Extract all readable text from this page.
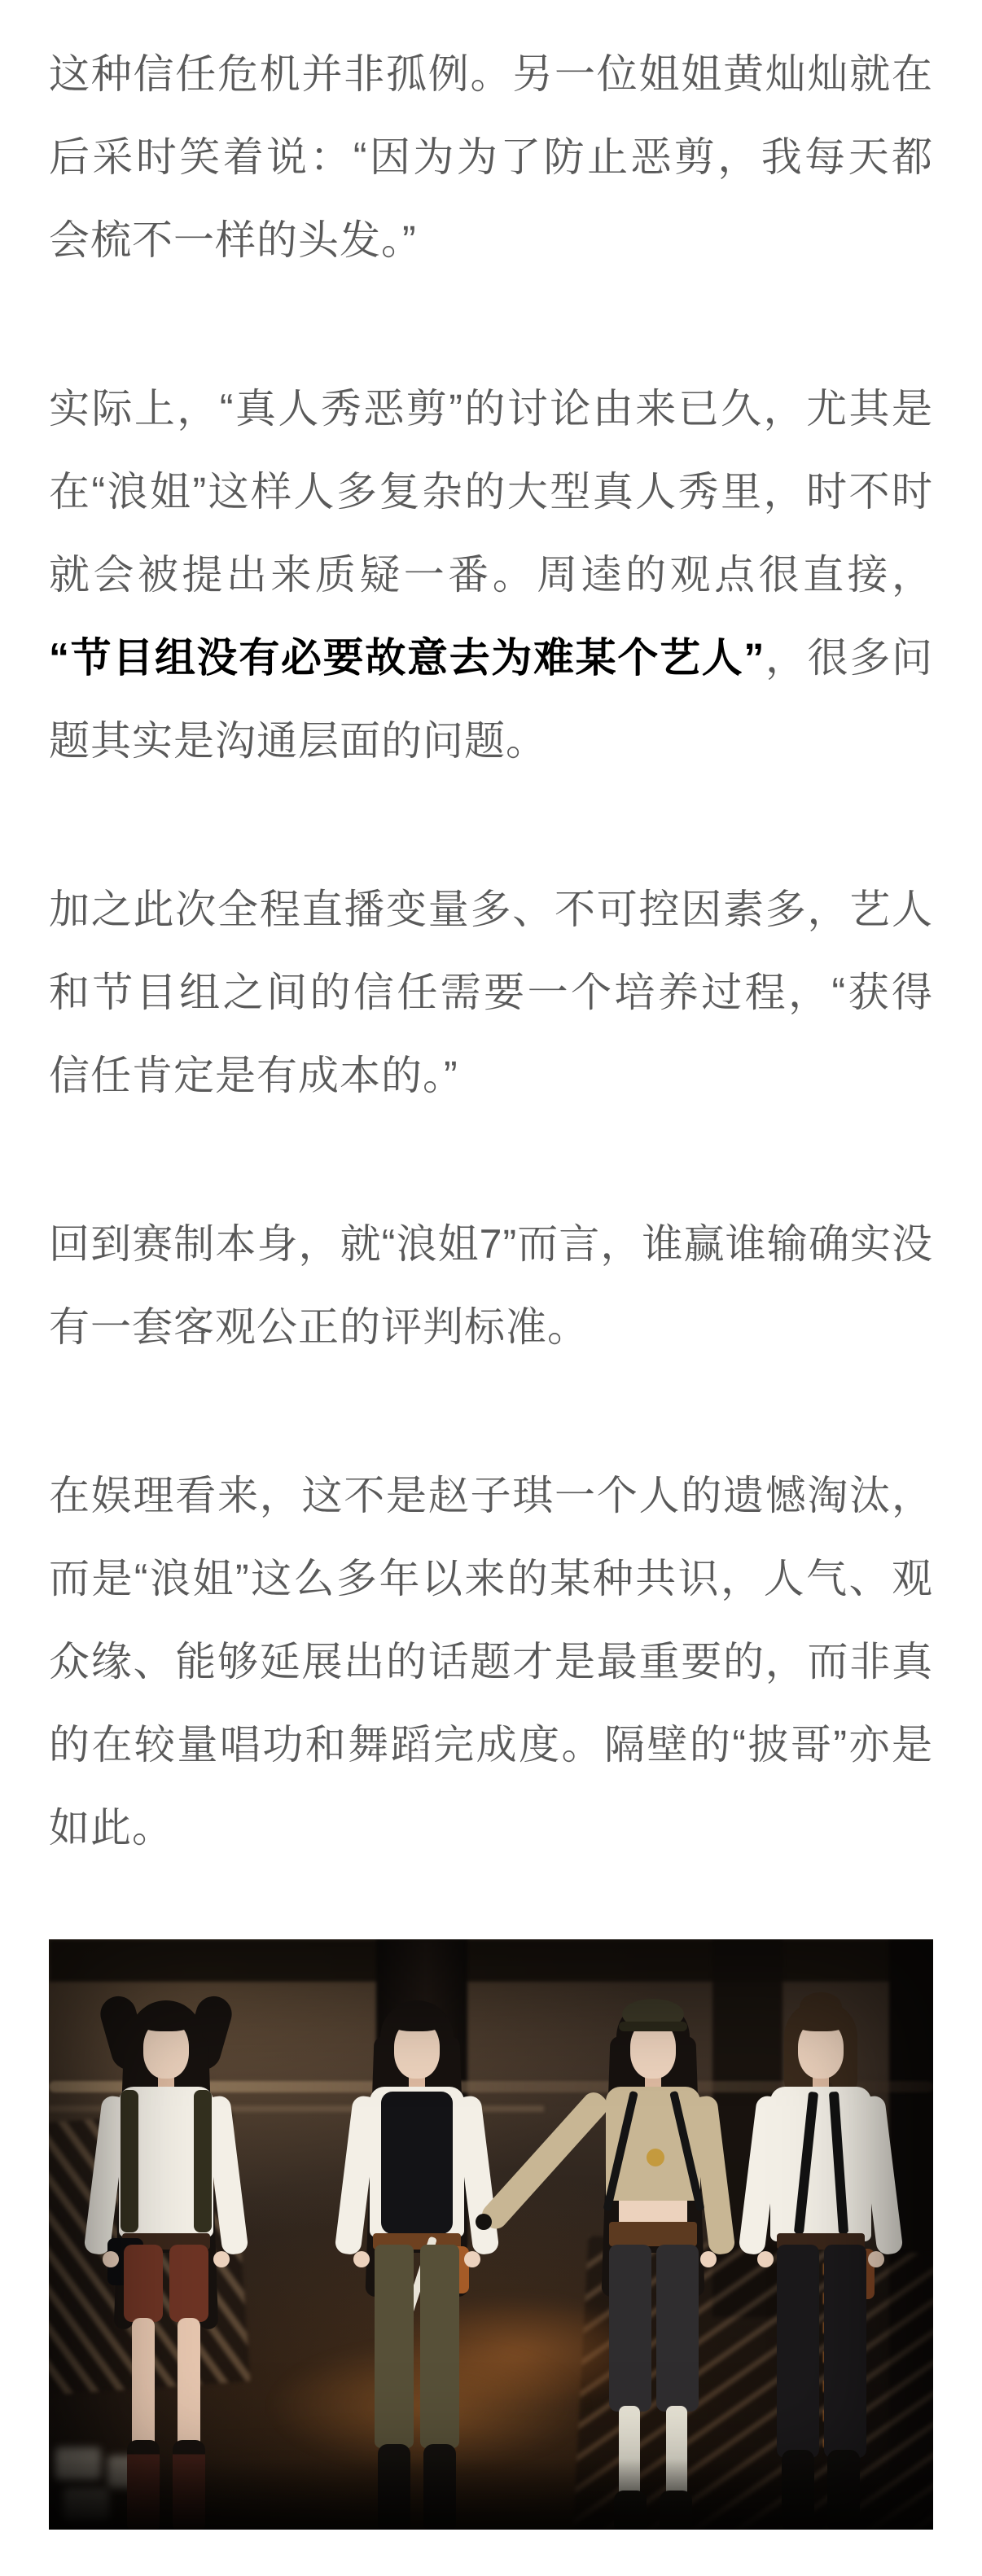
这种信任危机并非孤例。另一位姐姐黄灿灿就在后采时笑着说：“因为为了防止恶剪，我每天都会梳不一样的头发。”

实际上，“真人秀恶剪”的讨论由来已久，尤其是在“浪姐”这样人多复杂的大型真人秀里，时不时就会被提出来质疑一番。周逵的观点很直接，“节目组没有必要故意去为难某个艺人”，很多问题其实是沟通层面的问题。

加之此次全程直播变量多、不可控因素多，艺人和节目组之间的信任需要一个培养过程，“获得信任肯定是有成本的。”

回到赛制本身，就“浪姐7”而言，谁赢谁输确实没有一套客观公正的评判标准。

在娱理看来，这不是赵子琪一个人的遗憾淘汰，而是“浪姐”这么多年以来的某种共识，人气、观众缘、能够延展出的话题才是最重要的，而非真的在较量唱功和舞蹈完成度。隔壁的“披哥”亦是如此。
